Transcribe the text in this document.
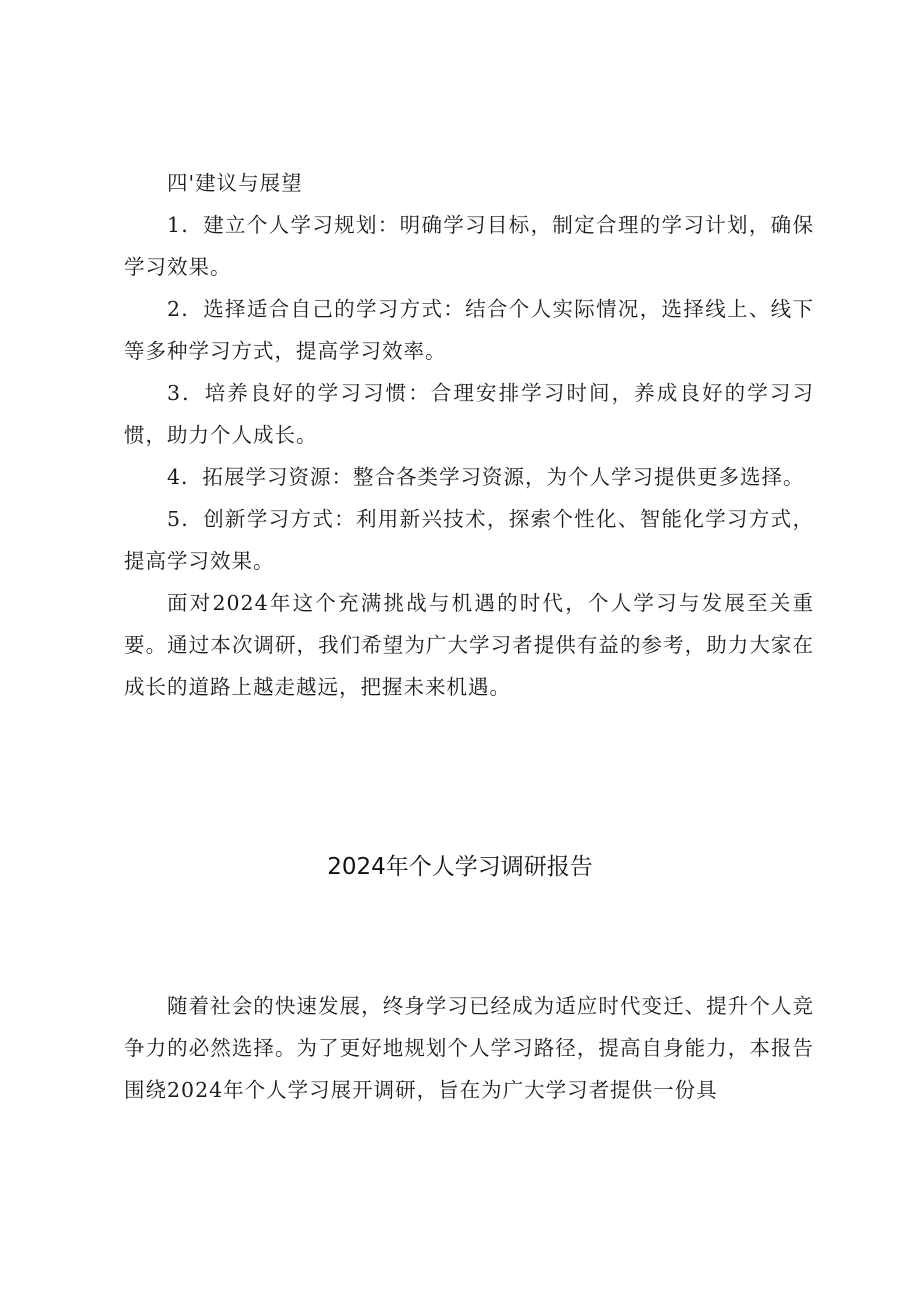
四'建议与展望

1．建立个人学习规划：明确学习目标，制定合理的学习计划，确保学习效果。

2．选择适合自己的学习方式：结合个人实际情况，选择线上、线下等多种学习方式，提高学习效率。

3．培养良好的学习习惯：合理安排学习时间，养成良好的学习习惯，助力个人成长。

4．拓展学习资源：整合各类学习资源，为个人学习提供更多选择。

5．创新学习方式：利用新兴技术，探索个性化、智能化学习方式，提高学习效果。

面对2024年这个充满挑战与机遇的时代，个人学习与发展至关重要。通过本次调研，我们希望为广大学习者提供有益的参考，助力大家在成长的道路上越走越远，把握未来机遇。

2024年个人学习调研报告

随着社会的快速发展，终身学习已经成为适应时代变迁、提升个人竞争力的必然选择。为了更好地规划个人学习路径，提高自身能力，本报告围绕2024年个人学习展开调研，旨在为广大学习者提供一份具
